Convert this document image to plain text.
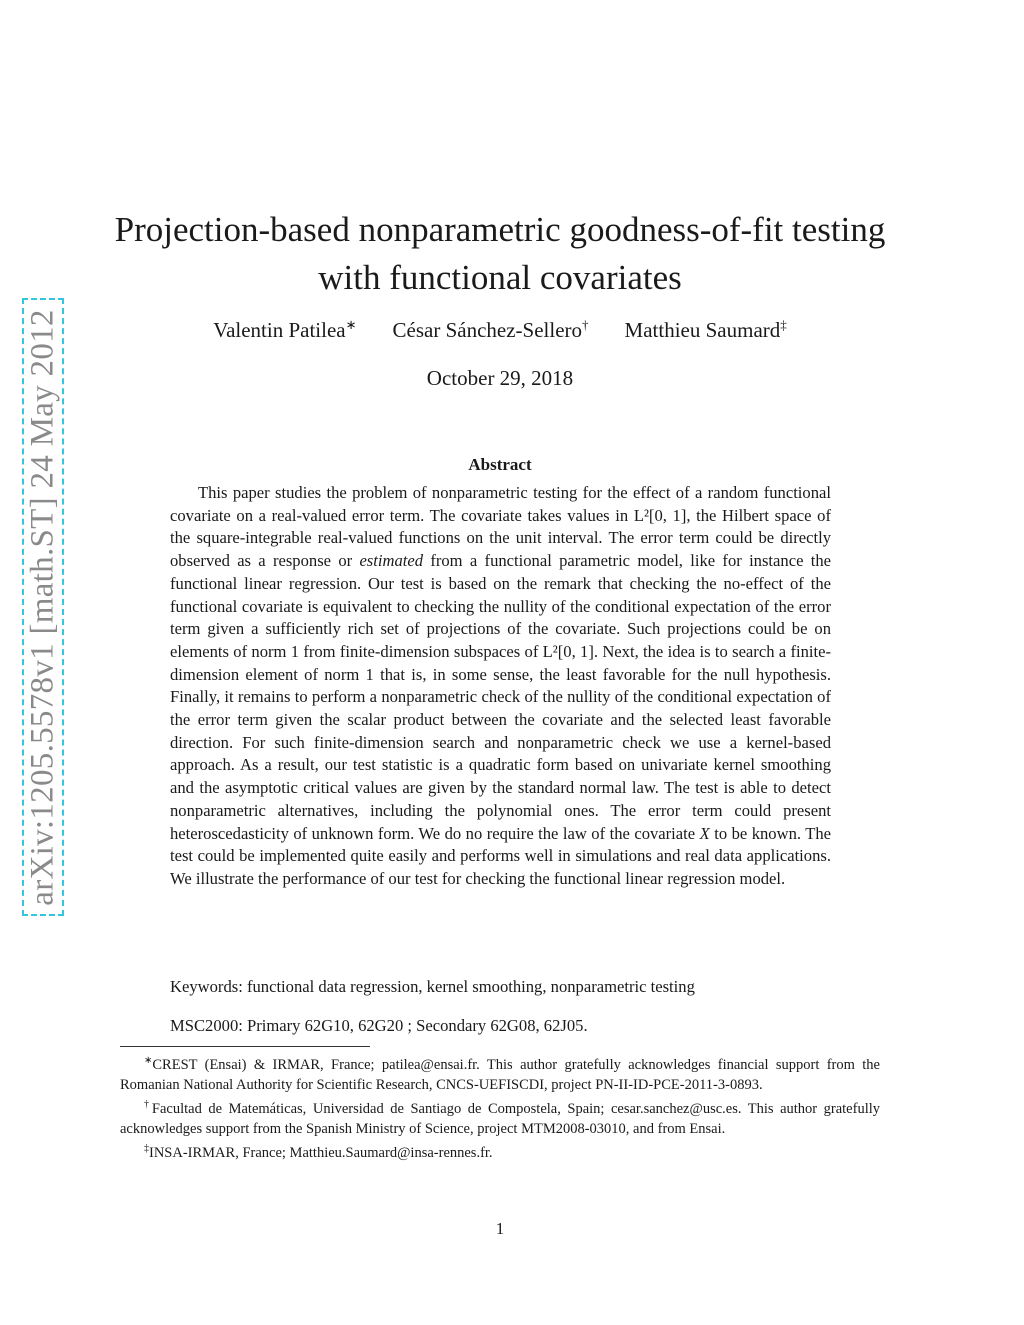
arXiv:1205.5578v1 [math.ST] 24 May 2012
Projection-based nonparametric goodness-of-fit testing
with functional covariates
Valentin Patilea∗ César Sánchez-Sellero† Matthieu Saumard‡
October 29, 2018
Abstract

This paper studies the problem of nonparametric testing for the effect of a random functional covariate on a real-valued error term. The covariate takes values in L²[0, 1], the Hilbert space of the square-integrable real-valued functions on the unit interval. The error term could be directly observed as a response or estimated from a functional parametric model, like for instance the functional linear regression. Our test is based on the remark that checking the no-effect of the functional covariate is equivalent to checking the nullity of the conditional expectation of the error term given a sufficiently rich set of projections of the covariate. Such projections could be on elements of norm 1 from finite-dimension subspaces of L²[0, 1]. Next, the idea is to search a finite-dimension element of norm 1 that is, in some sense, the least favorable for the null hypothesis. Finally, it remains to perform a nonparametric check of the nullity of the conditional expectation of the error term given the scalar product between the covariate and the selected least favorable direction. For such finite-dimension search and nonparametric check we use a kernel-based approach. As a result, our test statistic is a quadratic form based on univariate kernel smoothing and the asymptotic critical values are given by the standard normal law. The test is able to detect nonparametric alternatives, including the polynomial ones. The error term could present heteroscedasticity of unknown form. We do no require the law of the covariate X to be known. The test could be implemented quite easily and performs well in simulations and real data applications. We illustrate the performance of our test for checking the functional linear regression model.

Keywords: functional data regression, kernel smoothing, nonparametric testing
MSC2000: Primary 62G10, 62G20 ; Secondary 62G08, 62J05.

∗CREST (Ensai) & IRMAR, France; patilea@ensai.fr. This author gratefully acknowledges financial support from the Romanian National Authority for Scientific Research, CNCS-UEFISCDI, project PN-II-ID-PCE-2011-3-0893.

†Facultad de Matemáticas, Universidad de Santiago de Compostela, Spain; cesar.sanchez@usc.es. This author gratefully acknowledges support from the Spanish Ministry of Science, project MTM2008-03010, and from Ensai.

‡INSA-IRMAR, France; Matthieu.Saumard@insa-rennes.fr.

1
